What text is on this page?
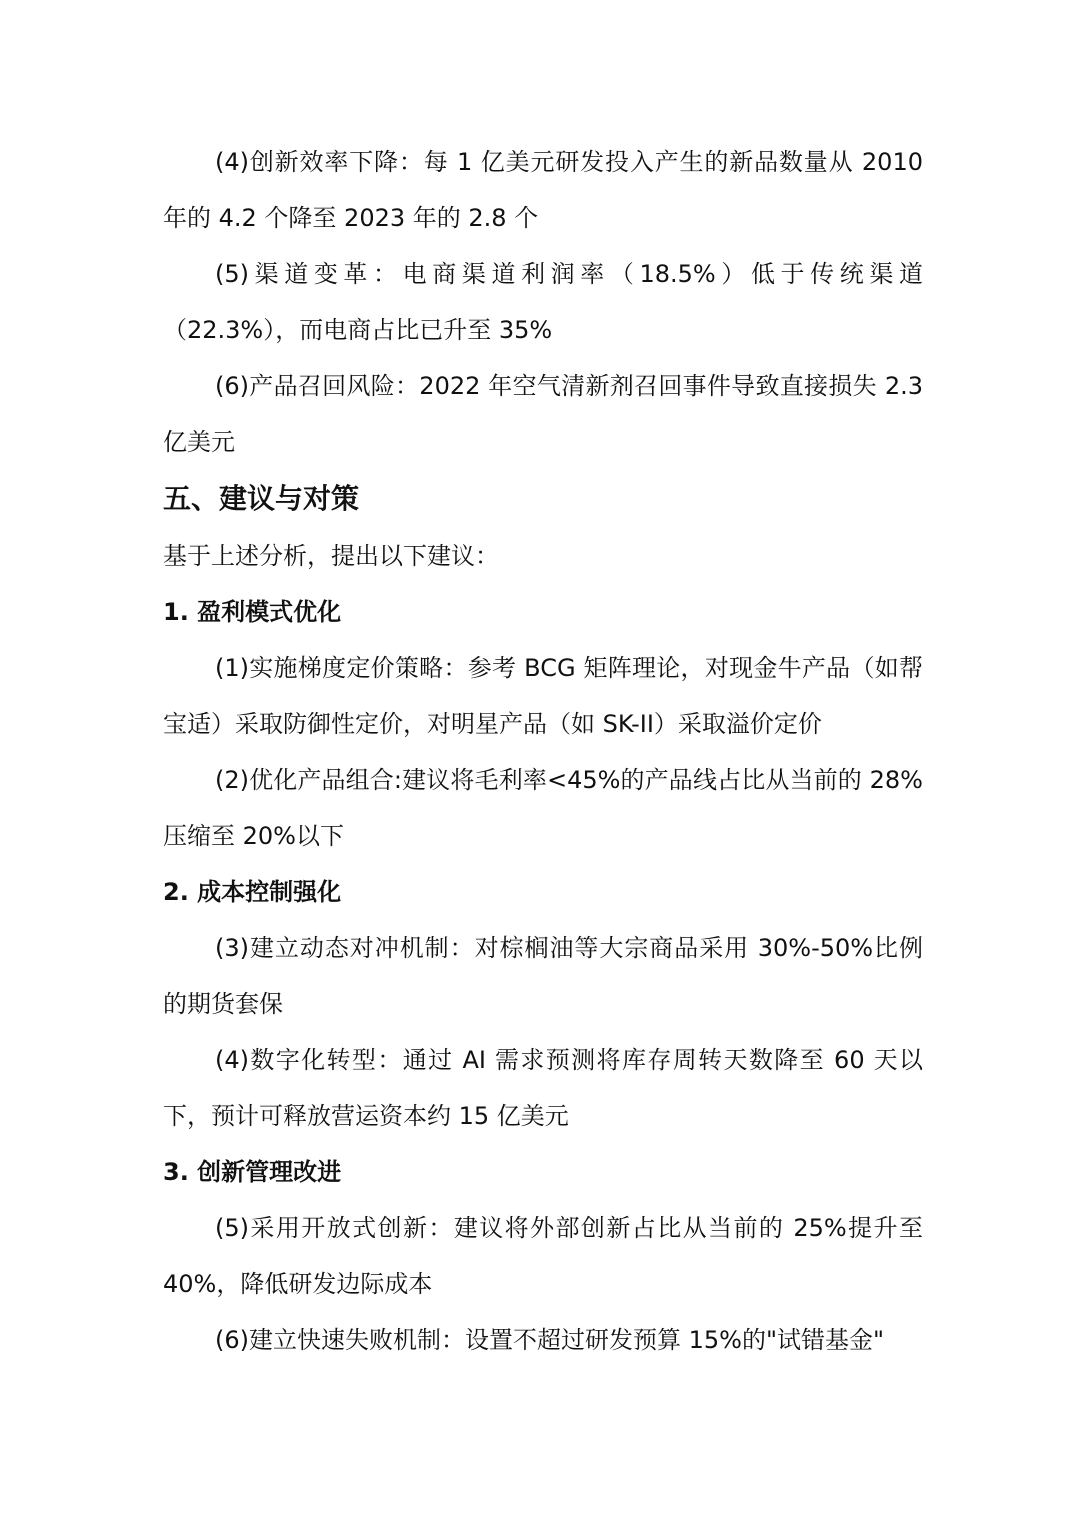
(4)创新效率下降：每 1 亿美元研发投入产生的新品数量从 2010 年的 4.2 个降至 2023 年的 2.8 个

(5)渠道变革：电商渠道利润率（18.5%）低于传统渠道（22.3%），而电商占比已升至 35%

(6)产品召回风险：2022 年空气清新剂召回事件导致直接损失 2.3 亿美元

五、建议与对策

基于上述分析，提出以下建议：

1. 盈利模式优化

(1)实施梯度定价策略：参考 BCG 矩阵理论，对现金牛产品（如帮宝适）采取防御性定价，对明星产品（如 SK-II）采取溢价定价

(2)优化产品组合:建议将毛利率<45%的产品线占比从当前的 28%压缩至 20%以下

2. 成本控制强化

(3)建立动态对冲机制：对棕榈油等大宗商品采用 30%-50%比例的期货套保

(4)数字化转型：通过 AI 需求预测将库存周转天数降至 60 天以下，预计可释放营运资本约 15 亿美元

3. 创新管理改进

(5)采用开放式创新：建议将外部创新占比从当前的 25%提升至 40%，降低研发边际成本

(6)建立快速失败机制：设置不超过研发预算 15%的"试错基金"
